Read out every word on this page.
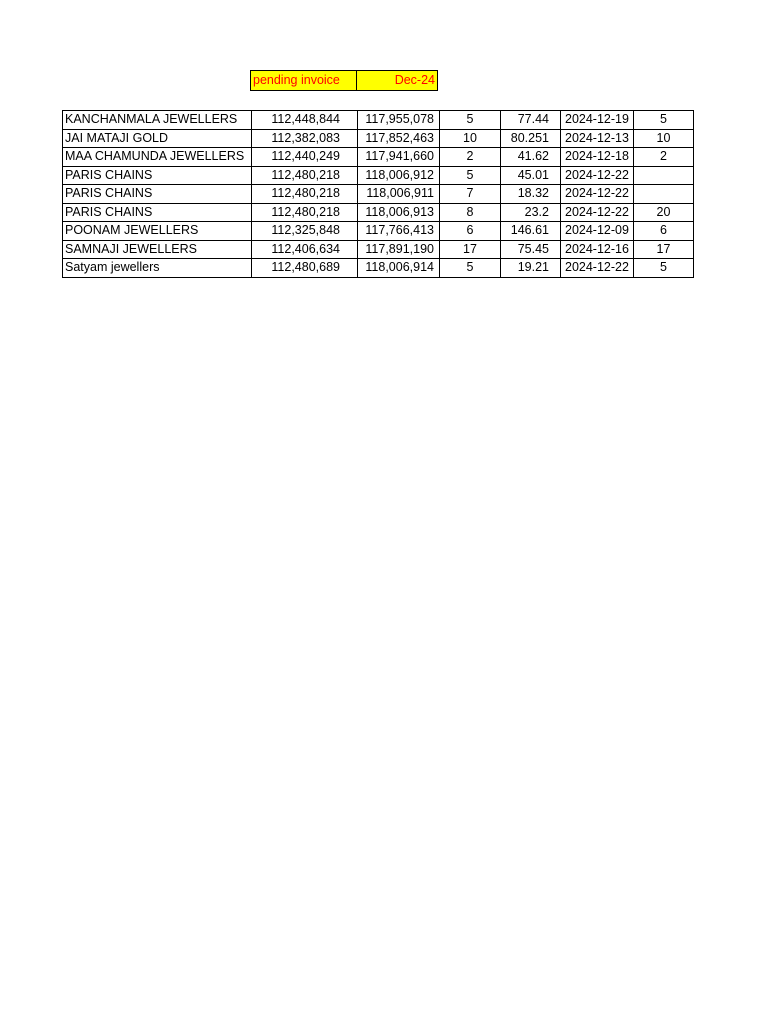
pending invoice	Dec-24
KANCHANMALA JEWELLERS	112,448,844	117,955,078	5	77.44	2024-12-19	5
JAI MATAJI GOLD	112,382,083	117,852,463	10	80.251	2024-12-13	10
MAA CHAMUNDA JEWELLERS	112,440,249	117,941,660	2	41.62	2024-12-18	2
PARIS CHAINS	112,480,218	118,006,912	5	45.01	2024-12-22	
PARIS CHAINS	112,480,218	118,006,911	7	18.32	2024-12-22	
PARIS CHAINS	112,480,218	118,006,913	8	23.2	2024-12-22	20
POONAM JEWELLERS	112,325,848	117,766,413	6	146.61	2024-12-09	6
SAMNAJI JEWELLERS	112,406,634	117,891,190	17	75.45	2024-12-16	17
Satyam jewellers	112,480,689	118,006,914	5	19.21	2024-12-22	5
